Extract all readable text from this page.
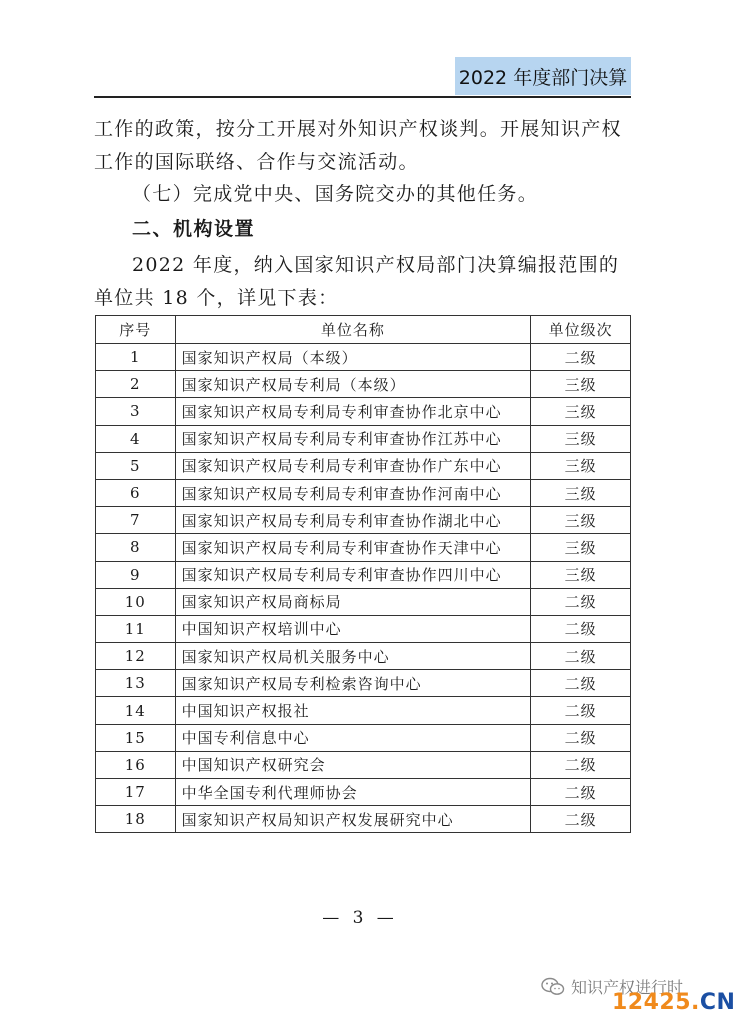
2022 年度部门决算

工作的政策，按分工开展对外知识产权谈判。开展知识产权工作的国际联络、合作与交流活动。

（七）完成党中央、国务院交办的其他任务。

二、机构设置

2022 年度，纳入国家知识产权局部门决算编报范围的单位共 18 个，详见下表：

序号	单位名称	单位级次
1	国家知识产权局（本级）	二级
2	国家知识产权局专利局（本级）	三级
3	国家知识产权局专利局专利审查协作北京中心	三级
4	国家知识产权局专利局专利审查协作江苏中心	三级
5	国家知识产权局专利局专利审查协作广东中心	三级
6	国家知识产权局专利局专利审查协作河南中心	三级
7	国家知识产权局专利局专利审查协作湖北中心	三级
8	国家知识产权局专利局专利审查协作天津中心	三级
9	国家知识产权局专利局专利审查协作四川中心	三级
10	国家知识产权局商标局	二级
11	中国知识产权培训中心	二级
12	国家知识产权局机关服务中心	二级
13	国家知识产权局专利检索咨询中心	二级
14	中国知识产权报社	二级
15	中国专利信息中心	二级
16	中国知识产权研究会	二级
17	中华全国专利代理师协会	二级
18	国家知识产权局知识产权发展研究中心	二级
— 3 —
知识产权进行时
12425.CN
